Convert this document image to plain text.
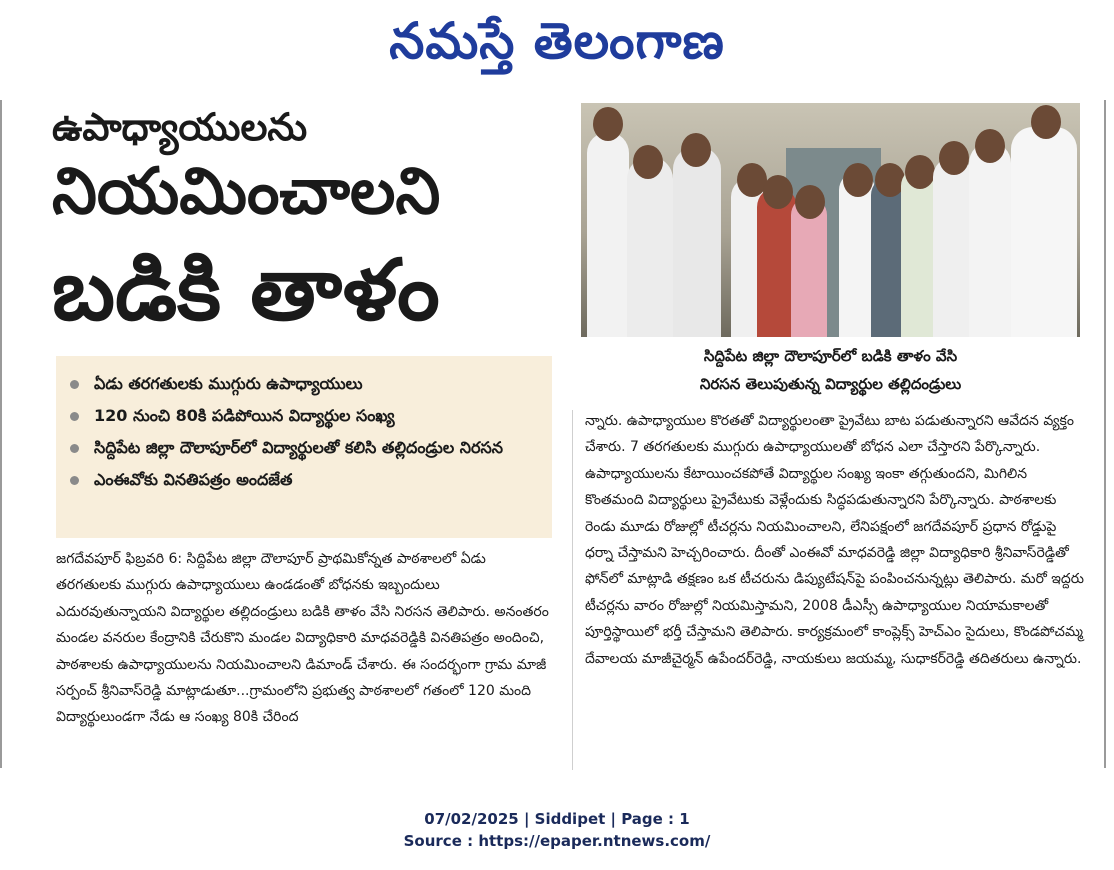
నమస్తే తెలంగాణ
ఉపాధ్యాయులను
నియమించాలని
బడికి తాళం
సిద్దిపేట జిల్లా దౌలాపూర్‌లో బడికి తాళం వేసి
నిరసన తెలుపుతున్న విద్యార్థుల తల్లిదండ్రులు
ఏడు తరగతులకు ముగ్గురు ఉపాధ్యాయులు
120 నుంచి 80కి పడిపోయిన విద్యార్థుల సంఖ్య
సిద్దిపేట జిల్లా దౌలాపూర్‌లో విద్యార్థులతో కలిసి తల్లిదండ్రుల నిరసన
ఎంఈవోకు వినతిపత్రం అందజేత
జగదేవపూర్‌ ఫిబ్రవరి 6: సిద్దిపేట జిల్లా దౌలాపూర్‌ ప్రాథమికోన్నత పాఠశాలలో ఏడు తరగతులకు ముగ్గురు ఉపాధ్యాయులు ఉండడంతో బోధనకు ఇబ్బందులు ఎదురవుతున్నాయని విద్యార్థుల తల్లిదండ్రులు బడికి తాళం వేసి నిరసన తెలిపారు. అనంతరం మండల వనరుల కేంద్రానికి చేరుకొని మండల విద్యాధికారి మాధవరెడ్డికి వినతిపత్రం అందించి, పాఠశాలకు ఉపాధ్యాయులను నియమించాలని డిమాండ్‌ చేశారు. ఈ సందర్భంగా గ్రామ మాజీ సర్పంచ్‌ శ్రీనివాస్‌రెడ్డి మాట్లాడుతూ...గ్రామంలోని ప్రభుత్వ పాఠశాలలో గతంలో 120 మంది విద్యార్థులుండగా నేడు ఆ సంఖ్య 80కి చేరింద
న్నారు. ఉపాధ్యాయుల కొరతతో విద్యార్థులంతా ప్రైవేటు బాట పడుతున్నారని ఆవేదన వ్యక్తం చేశారు. 7 తరగతులకు ముగ్గురు ఉపాధ్యాయులతో బోధన ఎలా చేస్తారని పేర్కొన్నారు. ఉపాధ్యాయులను కేటాయించకపోతే విద్యార్థుల సంఖ్య ఇంకా తగ్గుతుందని, మిగిలిన కొంతమంది విద్యార్థులు ప్రైవేటుకు వెళ్లేందుకు సిద్ధపడుతున్నారని పేర్కొన్నారు. పాఠశాలకు రెండు మూడు రోజుల్లో టీచర్లను నియమించాలని, లేనిపక్షంలో జగదేవపూర్‌ ప్రధాన రోడ్డుపై ధర్నా చేస్తామని హెచ్చరించారు. దీంతో ఎంఈవో మాధవరెడ్డి జిల్లా విద్యాధికారి శ్రీనివాస్‌రెడ్డితో ఫోన్‌లో మాట్లాడి తక్షణం ఒక టీచరును డిప్యుటేషన్‌పై పంపించనున్నట్లు తెలిపారు. మరో ఇద్దరు టీచర్లను వారం రోజుల్లో నియమిస్తామని, 2008 డీఎస్సీ ఉపాధ్యాయుల నియామకాలతో పూర్తిస్థాయిలో భర్తీ చేస్తామని తెలిపారు. కార్యక్రమంలో కాంప్లెక్స్‌ హెచ్‌ఎం సైదులు, కొండపోచమ్మ దేవాలయ మాజీచైర్మన్‌ ఉపేందర్‌రెడ్డి, నాయకులు జయమ్మ, సుధాకర్‌రెడ్డి తదితరులు ఉన్నారు.
07/02/2025 | Siddipet | Page : 1
Source : https://epaper.ntnews.com/
